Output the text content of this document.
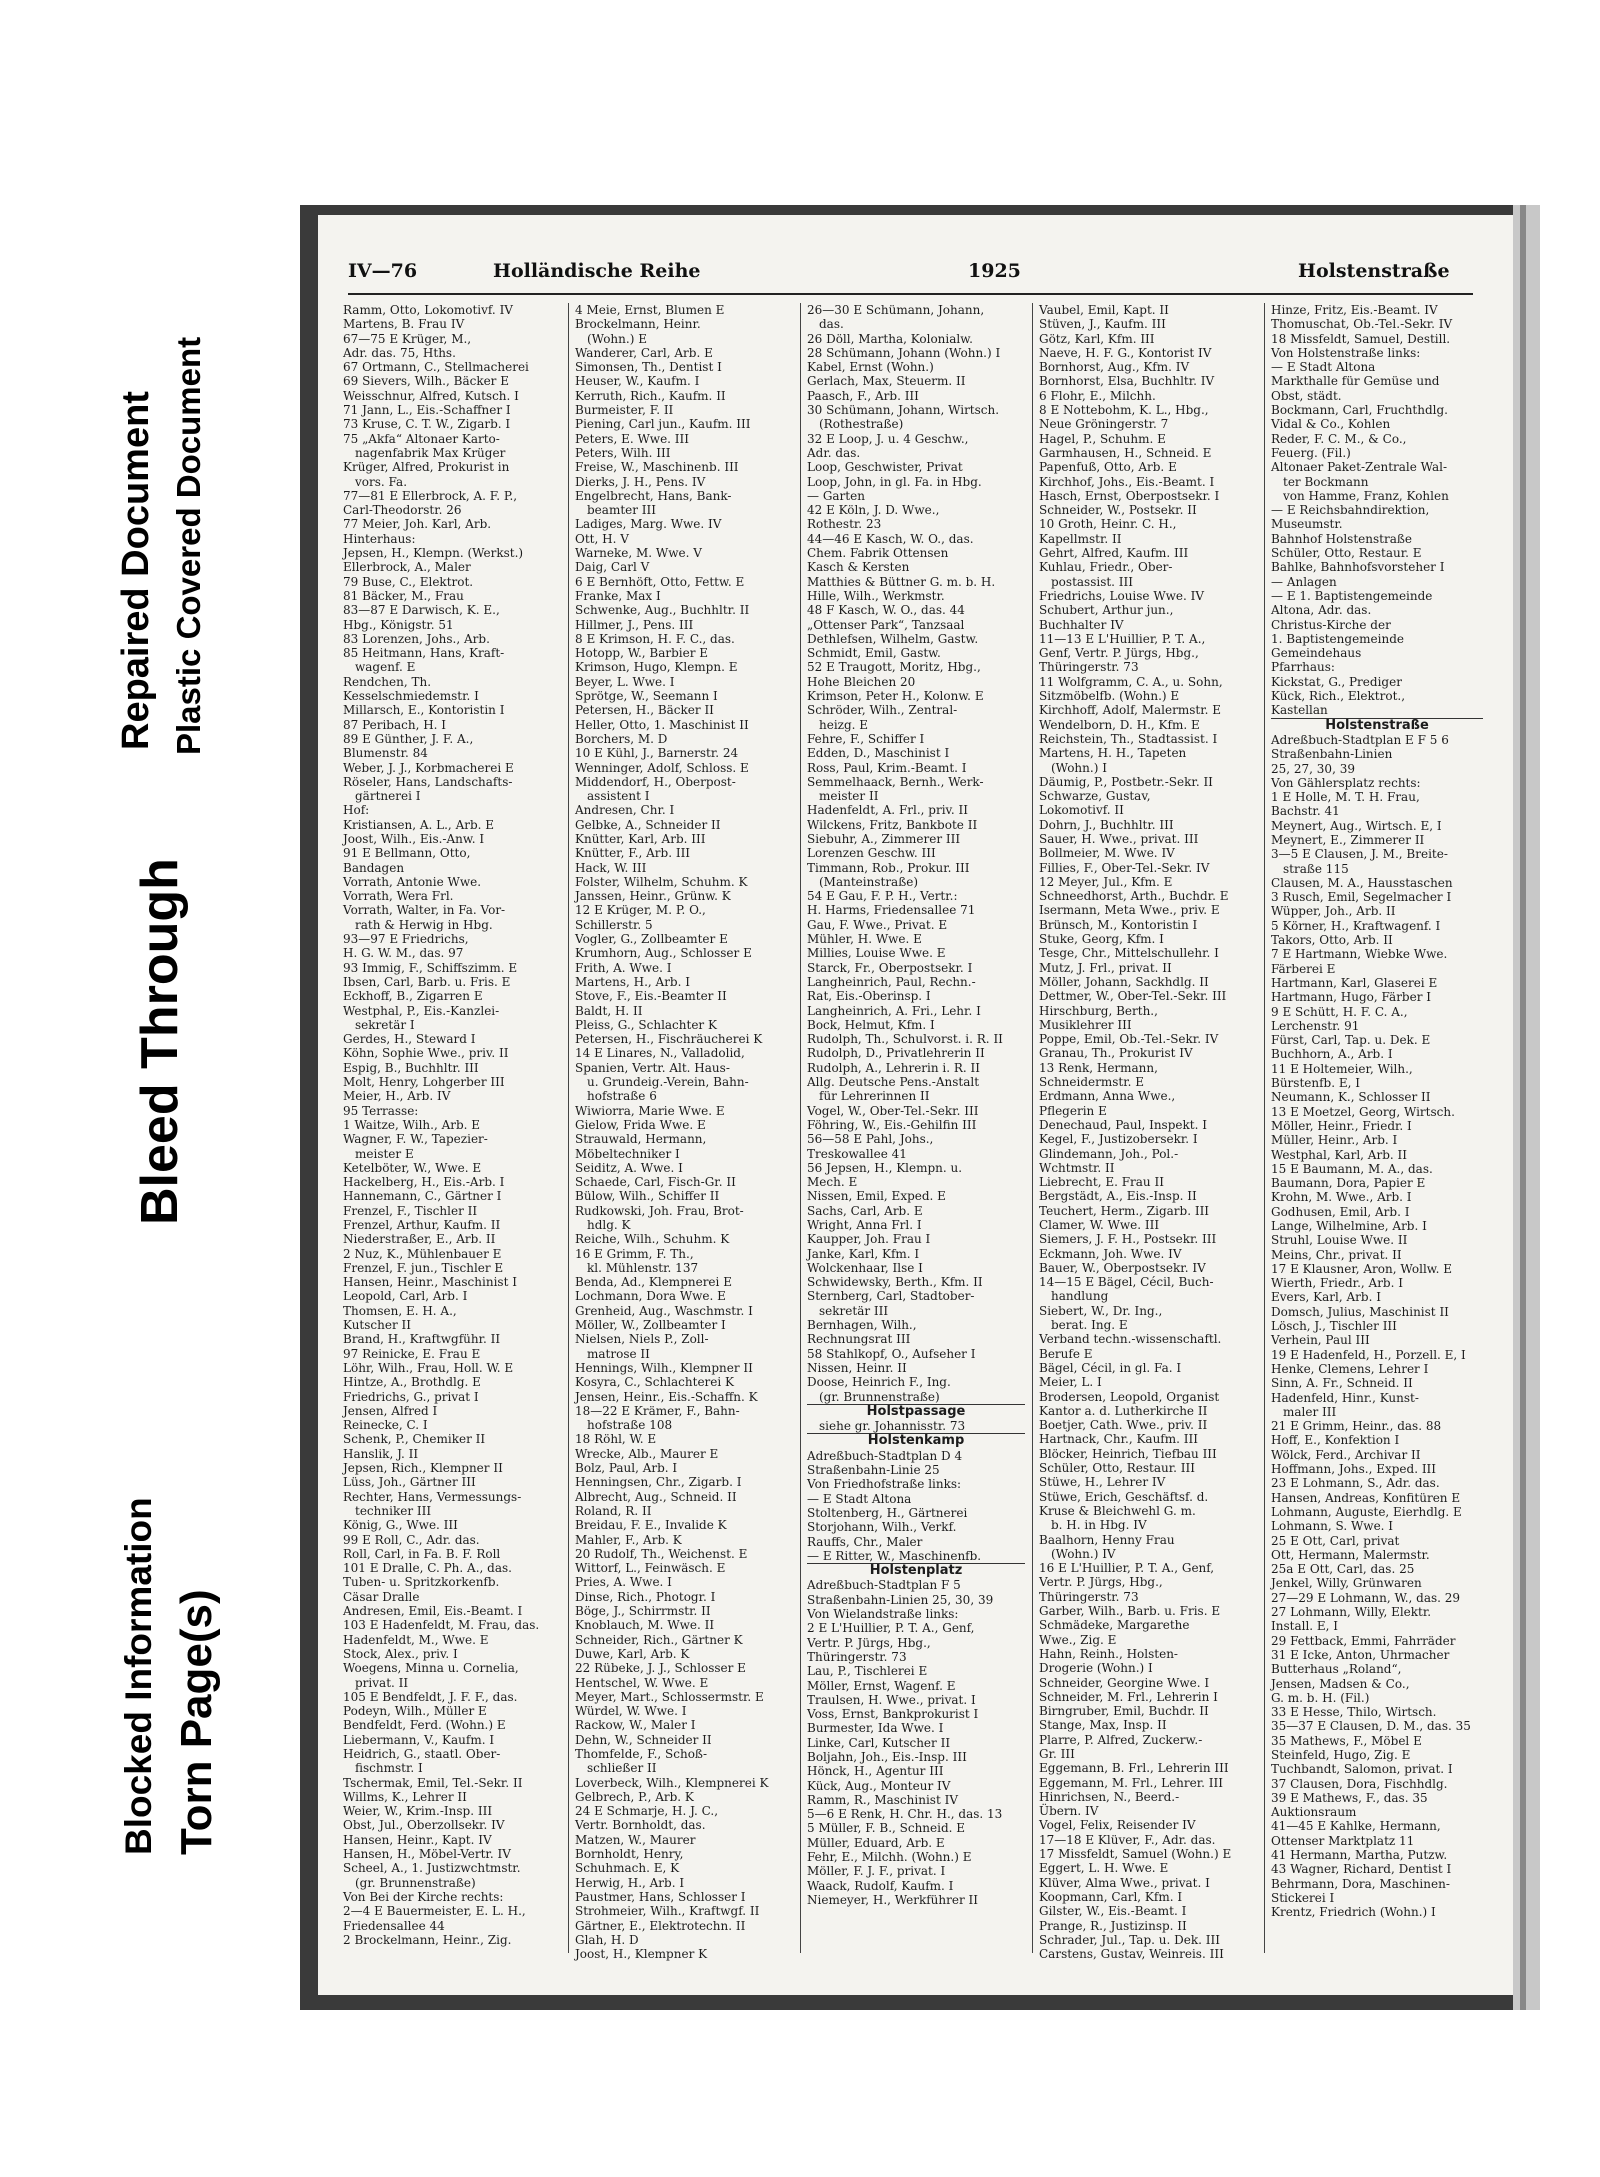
Bleed Through
Repaired Document Plastic Covered Document
Blocked Information Torn Page(s)
IV—76	Holländische Reihe	1925	Holstenstraße
Ramm, Otto, Lokomotivf. IV
Martens, B. Frau IV
67—75 E Krüger, M.,
Adr. das. 75, Hths.
67 Ortmann, C., Stellmacherei
69 Sievers, Wilh., Bäcker E
Weisschnur, Alfred, Kutsch. I
71 Jann, L., Eis.-Schaffner I
73 Kruse, C. T. W., Zigarb. I
75 „Akfa“ Altonaer Karto-
nagenfabrik Max Krüger
Krüger, Alfred, Prokurist in
vors. Fa.
77—81 E Ellerbrock, A. F. P.,
Carl-Theodorstr. 26
77 Meier, Joh. Karl, Arb.
Hinterhaus:
Jepsen, H., Klempn. (Werkst.)
Ellerbrock, A., Maler
79 Buse, C., Elektrot.
81 Bäcker, M., Frau
83—87 E Darwisch, K. E.,
Hbg., Königstr. 51
83 Lorenzen, Johs., Arb.
85 Heitmann, Hans, Kraft-
wagenf. E
Rendchen, Th.
Kesselschmiedemstr. I
Millarsch, E., Kontoristin I
87 Peribach, H. I
89 E Günther, J. F. A.,
Blumenstr. 84
Weber, J. J., Korbmacherei E
Röseler, Hans, Landschafts-
gärtnerei I
Hof:
Kristiansen, A. L., Arb. E
Joost, Wilh., Eis.-Anw. I
91 E Bellmann, Otto,
Bandagen
Vorrath, Antonie Wwe.
Vorrath, Wera Frl.
Vorrath, Walter, in Fa. Vor-
rath & Herwig in Hbg.
93—97 E Friedrichs,
H. G. W. M., das. 97
93 Immig, F., Schiffszimm. E
Ibsen, Carl, Barb. u. Fris. E
Eckhoff, B., Zigarren E
Westphal, P., Eis.-Kanzlei-
sekretär I
Gerdes, H., Steward I
Köhn, Sophie Wwe., priv. II
Espig, B., Buchhltr. III
Molt, Henry, Lohgerber III
Meier, H., Arb. IV
95 Terrasse:
1 Waitze, Wilh., Arb. E
Wagner, F. W., Tapezier-
meister E
Ketelböter, W., Wwe. E
Hackelberg, H., Eis.-Arb. I
Hannemann, C., Gärtner I
Frenzel, F., Tischler II
Frenzel, Arthur, Kaufm. II
Niederstraßer, E., Arb. II
2 Nuz, K., Mühlenbauer E
Frenzel, F. jun., Tischler E
Hansen, Heinr., Maschinist I
Leopold, Carl, Arb. I
Thomsen, E. H. A.,
Kutscher II
Brand, H., Kraftwgführ. II
97 Reinicke, E. Frau E
Löhr, Wilh., Frau, Holl. W. E
Hintze, A., Brothdlg. E
Friedrichs, G., privat I
Jensen, Alfred I
Reinecke, C. I
Schenk, P., Chemiker II
Hanslik, J. II
Jepsen, Rich., Klempner II
Lüss, Joh., Gärtner III
Rechter, Hans, Vermessungs-
techniker III
König, G., Wwe. III
99 E Roll, C., Adr. das.
Roll, Carl, in Fa. B. F. Roll
101 E Dralle, C. Ph. A., das.
Tuben- u. Spritzkorkenfb.
Cäsar Dralle
Andresen, Emil, Eis.-Beamt. I
103 E Hadenfeldt, M. Frau, das.
Hadenfeldt, M., Wwe. E
Stock, Alex., priv. I
Woegens, Minna u. Cornelia,
privat. II
105 E Bendfeldt, J. F. F., das.
Podeyn, Wilh., Müller E
Bendfeldt, Ferd. (Wohn.) E
Liebermann, V., Kaufm. I
Heidrich, G., staatl. Ober-
fischmstr. I
Tschermak, Emil, Tel.-Sekr. II
Willms, K., Lehrer II
Weier, W., Krim.-Insp. III
Obst, Jul., Oberzollsekr. IV
Hansen, Heinr., Kapt. IV
Hansen, H., Möbel-Vertr. IV
Scheel, A., 1. Justizwchtmstr.
(gr. Brunnenstraße)
Von Bei der Kirche rechts:
2—4 E Bauermeister, E. L. H.,
Friedensallee 44
2 Brockelmann, Heinr., Zig.
4 Meie, Ernst, Blumen E
Brockelmann, Heinr.
(Wohn.) E
Wanderer, Carl, Arb. E
Simonsen, Th., Dentist I
Heuser, W., Kaufm. I
Kerruth, Rich., Kaufm. II
Burmeister, F. II
Piening, Carl jun., Kaufm. III
Peters, E. Wwe. III
Peters, Wilh. III
Freise, W., Maschinenb. III
Dierks, J. H., Pens. IV
Engelbrecht, Hans, Bank-
beamter III
Ladiges, Marg. Wwe. IV
Ott, H. V
Warneke, M. Wwe. V
Daig, Carl V
6 E Bernhöft, Otto, Fettw. E
Franke, Max I
Schwenke, Aug., Buchhltr. II
Hillmer, J., Pens. III
8 E Krimson, H. F. C., das.
Hotopp, W., Barbier E
Krimson, Hugo, Klempn. E
Beyer, L. Wwe. I
Sprötge, W., Seemann I
Petersen, H., Bäcker II
Heller, Otto, 1. Maschinist II
Borchers, M. D
10 E Kühl, J., Barnerstr. 24
Wenninger, Adolf, Schloss. E
Middendorf, H., Oberpost-
assistent I
Andresen, Chr. I
Gelbke, A., Schneider II
Knütter, Karl, Arb. III
Knütter, F., Arb. III
Hack, W. III
Folster, Wilhelm, Schuhm. K
Janssen, Heinr., Grünw. K
12 E Krüger, M. P. O.,
Schillerstr. 5
Vogler, G., Zollbeamter E
Krumhorn, Aug., Schlosser E
Frith, A. Wwe. I
Martens, H., Arb. I
Stove, F., Eis.-Beamter II
Baldt, H. II
Pleiss, G., Schlachter K
Petersen, H., Fischräucherei K
14 E Linares, N., Valladolid,
Spanien, Vertr. Alt. Haus-
u. Grundeig.-Verein, Bahn-
hofstraße 6
Wiwiorra, Marie Wwe. E
Gielow, Frida Wwe. E
Strauwald, Hermann,
Möbeltechniker I
Seiditz, A. Wwe. I
Schaede, Carl, Fisch-Gr. II
Bülow, Wilh., Schiffer II
Rudkowski, Joh. Frau, Brot-
hdlg. K
Reiche, Wilh., Schuhm. K
16 E Grimm, F. Th.,
kl. Mühlenstr. 137
Benda, Ad., Klempnerei E
Lochmann, Dora Wwe. E
Grenheid, Aug., Waschmstr. I
Möller, W., Zollbeamter I
Nielsen, Niels P., Zoll-
matrose II
Hennings, Wilh., Klempner II
Kosyra, C., Schlachterei K
Jensen, Heinr., Eis.-Schaffn. K
18—22 E Krämer, F., Bahn-
hofstraße 108
18 Röhl, W. E
Wrecke, Alb., Maurer E
Bolz, Paul, Arb. I
Henningsen, Chr., Zigarb. I
Albrecht, Aug., Schneid. II
Roland, R. II
Breidau, F. E., Invalide K
Mahler, F., Arb. K
20 Rudolf, Th., Weichenst. E
Wittorf, L., Feinwäsch. E
Pries, A. Wwe. I
Dinse, Rich., Photogr. I
Böge, J., Schirrmstr. II
Knoblauch, M. Wwe. II
Schneider, Rich., Gärtner K
Duwe, Karl, Arb. K
22 Rübeke, J. J., Schlosser E
Hentschel, W. Wwe. E
Meyer, Mart., Schlossermstr. E
Würdel, W. Wwe. I
Rackow, W., Maler I
Dehn, W., Schneider II
Thomfelde, F., Schoß-
schließer II
Loverbeck, Wilh., Klempnerei K
Gelbrech, P., Arb. K
24 E Schmarje, H. J. C.,
Vertr. Bornholdt, das.
Matzen, W., Maurer
Bornholdt, Henry,
Schuhmach. E, K
Herwig, H., Arb. I
Paustmer, Hans, Schlosser I
Strohmeier, Wilh., Kraftwgf. II
Gärtner, E., Elektrotechn. II
Glah, H. D
Joost, H., Klempner K
26—30 E Schümann, Johann,
das.
26 Döll, Martha, Kolonialw.
28 Schümann, Johann (Wohn.) I
Kabel, Ernst (Wohn.)
Gerlach, Max, Steuerm. II
Paasch, F., Arb. III
30 Schümann, Johann, Wirtsch.
(Rothestraße)
32 E Loop, J. u. 4 Geschw.,
Adr. das.
Loop, Geschwister, Privat
Loop, John, in gl. Fa. in Hbg.
— Garten
42 E Köln, J. D. Wwe.,
Rothestr. 23
44—46 E Kasch, W. O., das.
Chem. Fabrik Ottensen
Kasch & Kersten
Matthies & Büttner G. m. b. H.
Hille, Wilh., Werkmstr.
48 F Kasch, W. O., das. 44
„Ottenser Park“, Tanzsaal
Dethlefsen, Wilhelm, Gastw.
Schmidt, Emil, Gastw.
52 E Traugott, Moritz, Hbg.,
Hohe Bleichen 20
Krimson, Peter H., Kolonw. E
Schröder, Wilh., Zentral-
heizg. E
Fehre, F., Schiffer I
Edden, D., Maschinist I
Ross, Paul, Krim.-Beamt. I
Semmelhaack, Bernh., Werk-
meister II
Hadenfeldt, A. Frl., priv. II
Wilckens, Fritz, Bankbote II
Siebuhr, A., Zimmerer III
Lorenzen Geschw. III
Timmann, Rob., Prokur. III
(Manteinstraße)
54 E Gau, F. P. H., Vertr.:
H. Harms, Friedensallee 71
Gau, F. Wwe., Privat. E
Mühler, H. Wwe. E
Millies, Louise Wwe. E
Starck, Fr., Oberpostsekr. I
Langheinrich, Paul, Rechn.-
Rat, Eis.-Oberinsp. I
Langheinrich, A. Fri., Lehr. I
Bock, Helmut, Kfm. I
Rudolph, Th., Schulvorst. i. R. II
Rudolph, D., Privatlehrerin II
Rudolph, A., Lehrerin i. R. II
Allg. Deutsche Pens.-Anstalt
für Lehrerinnen II
Vogel, W., Ober-Tel.-Sekr. III
Föhring, W., Eis.-Gehilfin III
56—58 E Pahl, Johs.,
Treskowallee 41
56 Jepsen, H., Klempn. u.
Mech. E
Nissen, Emil, Exped. E
Sachs, Carl, Arb. E
Wright, Anna Frl. I
Kaupper, Joh. Frau I
Janke, Karl, Kfm. I
Wolckenhaar, Ilse I
Schwidewsky, Berth., Kfm. II
Sternberg, Carl, Stadtober-
sekretär III
Bernhagen, Wilh.,
Rechnungsrat III
58 Stahlkopf, O., Aufseher I
Nissen, Heinr. II
Doose, Heinrich F., Ing.
(gr. Brunnenstraße)
Holstpassage
siehe gr. Johannisstr. 73
Holstenkamp
Adreßbuch-Stadtplan D 4
Straßenbahn-Linie 25
Von Friedhofstraße links:
— E Stadt Altona
Stoltenberg, H., Gärtnerei
Storjohann, Wilh., Verkf.
Rauffs, Chr., Maler
— E Ritter, W., Maschinenfb.
Holstenplatz
Adreßbuch-Stadtplan F 5
Straßenbahn-Linien 25, 30, 39
Von Wielandstraße links:
2 E L'Huillier, P. T. A., Genf,
Vertr. P. Jürgs, Hbg.,
Thüringerstr. 73
Lau, P., Tischlerei E
Möller, Ernst, Wagenf. E
Traulsen, H. Wwe., privat. I
Voss, Ernst, Bankprokurist I
Burmester, Ida Wwe. I
Linke, Carl, Kutscher II
Boljahn, Joh., Eis.-Insp. III
Hönck, H., Agentur III
Kück, Aug., Monteur IV
Ramm, R., Maschinist IV
5—6 E Renk, H. Chr. H., das. 13
5 Müller, F. B., Schneid. E
Müller, Eduard, Arb. E
Fehr, E., Milchh. (Wohn.) E
Möller, F. J. F., privat. I
Waack, Rudolf, Kaufm. I
Niemeyer, H., Werkführer II
Vaubel, Emil, Kapt. II
Stüven, J., Kaufm. III
Götz, Karl, Kfm. III
Naeve, H. F. G., Kontorist IV
Bornhorst, Aug., Kfm. IV
Bornhorst, Elsa, Buchhltr. IV
6 Flohr, E., Milchh.
8 E Nottebohm, K. L., Hbg.,
Neue Gröningerstr. 7
Hagel, P., Schuhm. E
Garmhausen, H., Schneid. E
Papenfuß, Otto, Arb. E
Kirchhof, Johs., Eis.-Beamt. I
Hasch, Ernst, Oberpostsekr. I
Schneider, W., Postsekr. II
10 Groth, Heinr. C. H.,
Kapellmstr. II
Gehrt, Alfred, Kaufm. III
Kuhlau, Friedr., Ober-
postassist. III
Friedrichs, Louise Wwe. IV
Schubert, Arthur jun.,
Buchhalter IV
11—13 E L'Huillier, P. T. A.,
Genf, Vertr. P. Jürgs, Hbg.,
Thüringerstr. 73
11 Wolfgramm, C. A., u. Sohn,
Sitzmöbelfb. (Wohn.) E
Kirchhoff, Adolf, Malermstr. E
Wendelborn, D. H., Kfm. E
Reichstein, Th., Stadtassist. I
Martens, H. H., Tapeten
(Wohn.) I
Däumig, P., Postbetr.-Sekr. II
Schwarze, Gustav,
Lokomotivf. II
Dohrn, J., Buchhltr. III
Sauer, H. Wwe., privat. III
Bollmeier, M. Wwe. IV
Fillies, F., Ober-Tel.-Sekr. IV
12 Meyer, Jul., Kfm. E
Schneedhorst, Arth., Buchdr. E
Isermann, Meta Wwe., priv. E
Brünsch, M., Kontoristin I
Stuke, Georg, Kfm. I
Tesge, Chr., Mittelschullehr. I
Mutz, J. Frl., privat. II
Möller, Johann, Sackhdlg. II
Dettmer, W., Ober-Tel.-Sekr. III
Hirschburg, Berth.,
Musiklehrer III
Poppe, Emil, Ob.-Tel.-Sekr. IV
Granau, Th., Prokurist IV
13 Renk, Hermann,
Schneidermstr. E
Erdmann, Anna Wwe.,
Pflegerin E
Denechaud, Paul, Inspekt. I
Kegel, F., Justizobersekr. I
Glindemann, Joh., Pol.-
Wchtmstr. II
Liebrecht, E. Frau II
Bergstädt, A., Eis.-Insp. II
Teuchert, Herm., Zigarb. III
Clamer, W. Wwe. III
Siemers, J. F. H., Postsekr. III
Eckmann, Joh. Wwe. IV
Bauer, W., Oberpostsekr. IV
14—15 E Bägel, Cécil, Buch-
handlung
Siebert, W., Dr. Ing.,
berat. Ing. E
Verband techn.-wissenschaftl.
Berufe E
Bägel, Cécil, in gl. Fa. I
Meier, L. I
Brodersen, Leopold, Organist
Kantor a. d. Lutherkirche II
Boetjer, Cath. Wwe., priv. II
Hartnack, Chr., Kaufm. III
Blöcker, Heinrich, Tiefbau III
Schüler, Otto, Restaur. III
Stüwe, H., Lehrer IV
Stüwe, Erich, Geschäftsf. d.
Kruse & Bleichwehl G. m.
b. H. in Hbg. IV
Baalhorn, Henny Frau
(Wohn.) IV
16 E L'Huillier, P. T. A., Genf,
Vertr. P. Jürgs, Hbg.,
Thüringerstr. 73
Garber, Wilh., Barb. u. Fris. E
Schmädeke, Margarethe
Wwe., Zig. E
Hahn, Reinh., Holsten-
Drogerie (Wohn.) I
Schneider, Georgine Wwe. I
Schneider, M. Frl., Lehrerin I
Birngruber, Emil, Buchdr. II
Stange, Max, Insp. II
Plarre, P. Alfred, Zuckerw.-
Gr. III
Eggemann, B. Frl., Lehrerin III
Eggemann, M. Frl., Lehrer. III
Hinrichsen, N., Beerd.-
Übern. IV
Vogel, Felix, Reisender IV
17—18 E Klüver, F., Adr. das.
17 Missfeldt, Samuel (Wohn.) E
Eggert, L. H. Wwe. E
Klüver, Alma Wwe., privat. I
Koopmann, Carl, Kfm. I
Gilster, W., Eis.-Beamt. I
Prange, R., Justizinsp. II
Schrader, Jul., Tap. u. Dek. III
Carstens, Gustav, Weinreis. III
Hinze, Fritz, Eis.-Beamt. IV
Thomuschat, Ob.-Tel.-Sekr. IV
18 Missfeldt, Samuel, Destill.
Von Holstenstraße links:
— E Stadt Altona
Markthalle für Gemüse und
Obst, städt.
Bockmann, Carl, Fruchthdlg.
Vidal & Co., Kohlen
Reder, F. C. M., & Co.,
Feuerg. (Fil.)
Altonaer Paket-Zentrale Wal-
ter Bockmann
von Hamme, Franz, Kohlen
— E Reichsbahndirektion,
Museumstr.
Bahnhof Holstenstraße
Schüler, Otto, Restaur. E
Bahlke, Bahnhofsvorsteher I
— Anlagen
— E 1. Baptistengemeinde
Altona, Adr. das.
Christus-Kirche der
1. Baptistengemeinde
Gemeindehaus
Pfarrhaus:
Kickstat, G., Prediger
Kück, Rich., Elektrot.,
Kastellan
Holstenstraße
Adreßbuch-Stadtplan E F 5 6
Straßenbahn-Linien
25, 27, 30, 39
Von Gählersplatz rechts:
1 E Holle, M. T. H. Frau,
Bachstr. 41
Meynert, Aug., Wirtsch. E, I
Meynert, E., Zimmerer II
3—5 E Clausen, J. M., Breite-
straße 115
Clausen, M. A., Hausstaschen
3 Rusch, Emil, Segelmacher I
Wüpper, Joh., Arb. II
5 Körner, H., Kraftwagenf. I
Takors, Otto, Arb. II
7 E Hartmann, Wiebke Wwe.
Färberei E
Hartmann, Karl, Glaserei E
Hartmann, Hugo, Färber I
9 E Schütt, H. F. C. A.,
Lerchenstr. 91
Fürst, Carl, Tap. u. Dek. E
Buchhorn, A., Arb. I
11 E Holtemeier, Wilh.,
Bürstenfb. E, I
Neumann, K., Schlosser II
13 E Moetzel, Georg, Wirtsch.
Möller, Heinr., Friedr. I
Müller, Heinr., Arb. I
Westphal, Karl, Arb. II
15 E Baumann, M. A., das.
Baumann, Dora, Papier E
Krohn, M. Wwe., Arb. I
Godhusen, Emil, Arb. I
Lange, Wilhelmine, Arb. I
Struhl, Louise Wwe. II
Meins, Chr., privat. II
17 E Klausner, Aron, Wollw. E
Wierth, Friedr., Arb. I
Evers, Karl, Arb. I
Domsch, Julius, Maschinist II
Lösch, J., Tischler III
Verhein, Paul III
19 E Hadenfeld, H., Porzell. E, I
Henke, Clemens, Lehrer I
Sinn, A. Fr., Schneid. II
Hadenfeld, Hinr., Kunst-
maler III
21 E Grimm, Heinr., das. 88
Hoff, E., Konfektion I
Wölck, Ferd., Archivar II
Hoffmann, Johs., Exped. III
23 E Lohmann, S., Adr. das.
Hansen, Andreas, Konfitüren E
Lohmann, Auguste, Eierhdlg. E
Lohmann, S. Wwe. I
25 E Ott, Carl, privat
Ott, Hermann, Malermstr.
25a E Ott, Carl, das. 25
Jenkel, Willy, Grünwaren
27—29 E Lohmann, W., das. 29
27 Lohmann, Willy, Elektr.
Install. E, I
29 Fettback, Emmi, Fahrräder
31 E Icke, Anton, Uhrmacher
Butterhaus „Roland“,
Jensen, Madsen & Co.,
G. m. b. H. (Fil.)
33 E Hesse, Thilo, Wirtsch.
35—37 E Clausen, D. M., das. 35
35 Mathews, F., Möbel E
Steinfeld, Hugo, Zig. E
Tuchbandt, Salomon, privat. I
37 Clausen, Dora, Fischhdlg.
39 E Mathews, F., das. 35
Auktionsraum
41—45 E Kahlke, Hermann,
Ottenser Marktplatz 11
41 Hermann, Martha, Putzw.
43 Wagner, Richard, Dentist I
Behrmann, Dora, Maschinen-
Stickerei I
Krentz, Friedrich (Wohn.) I
